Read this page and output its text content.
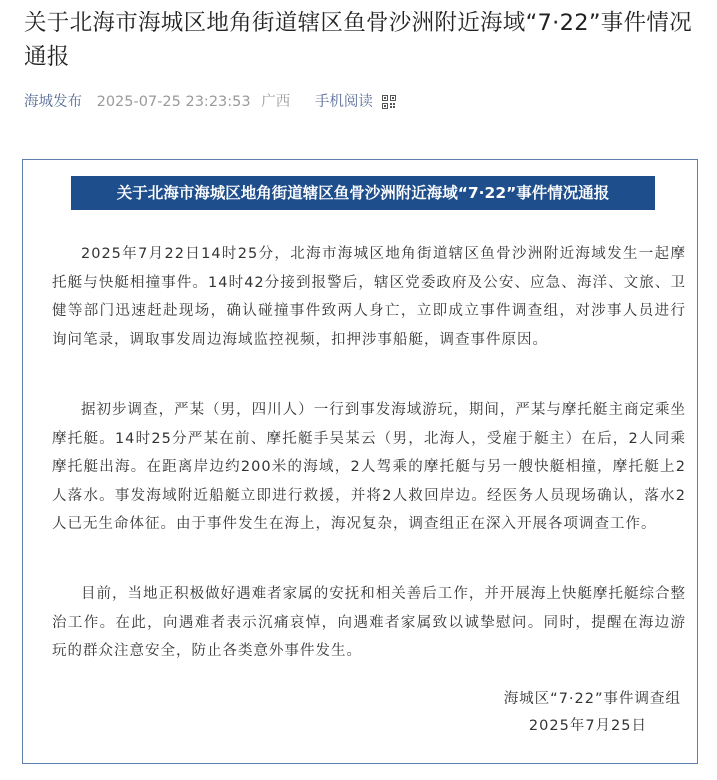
关于北海市海城区地角街道辖区鱼骨沙洲附近海域“7·22”事件情况通报
海城发布 2025-07-25 23:23:53 广西 手机阅读
关于北海市海城区地角街道辖区鱼骨沙洲附近海域“7·22”事件情况通报

2025年7月22日14时25分，北海市海城区地角街道辖区鱼骨沙洲附近海域发生一起摩托艇与快艇相撞事件。14时42分接到报警后，辖区党委政府及公安、应急、海洋、文旅、卫健等部门迅速赶赴现场，确认碰撞事件致两人身亡，立即成立事件调查组，对涉事人员进行询问笔录，调取事发周边海域监控视频，扣押涉事船艇，调查事件原因。

据初步调查，严某（男，四川人）一行到事发海域游玩，期间，严某与摩托艇主商定乘坐摩托艇。14时25分严某在前、摩托艇手吴某云（男，北海人，受雇于艇主）在后，2人同乘摩托艇出海。在距离岸边约200米的海域，2人驾乘的摩托艇与另一艘快艇相撞，摩托艇上2人落水。事发海域附近船艇立即进行救援，并将2人救回岸边。经医务人员现场确认，落水2人已无生命体征。由于事件发生在海上，海况复杂，调查组正在深入开展各项调查工作。

目前，当地正积极做好遇难者家属的安抚和相关善后工作，并开展海上快艇摩托艇综合整治工作。在此，向遇难者表示沉痛哀悼，向遇难者家属致以诚挚慰问。同时，提醒在海边游玩的群众注意安全，防止各类意外事件发生。

海城区“7·22”事件调查组
2025年7月25日
